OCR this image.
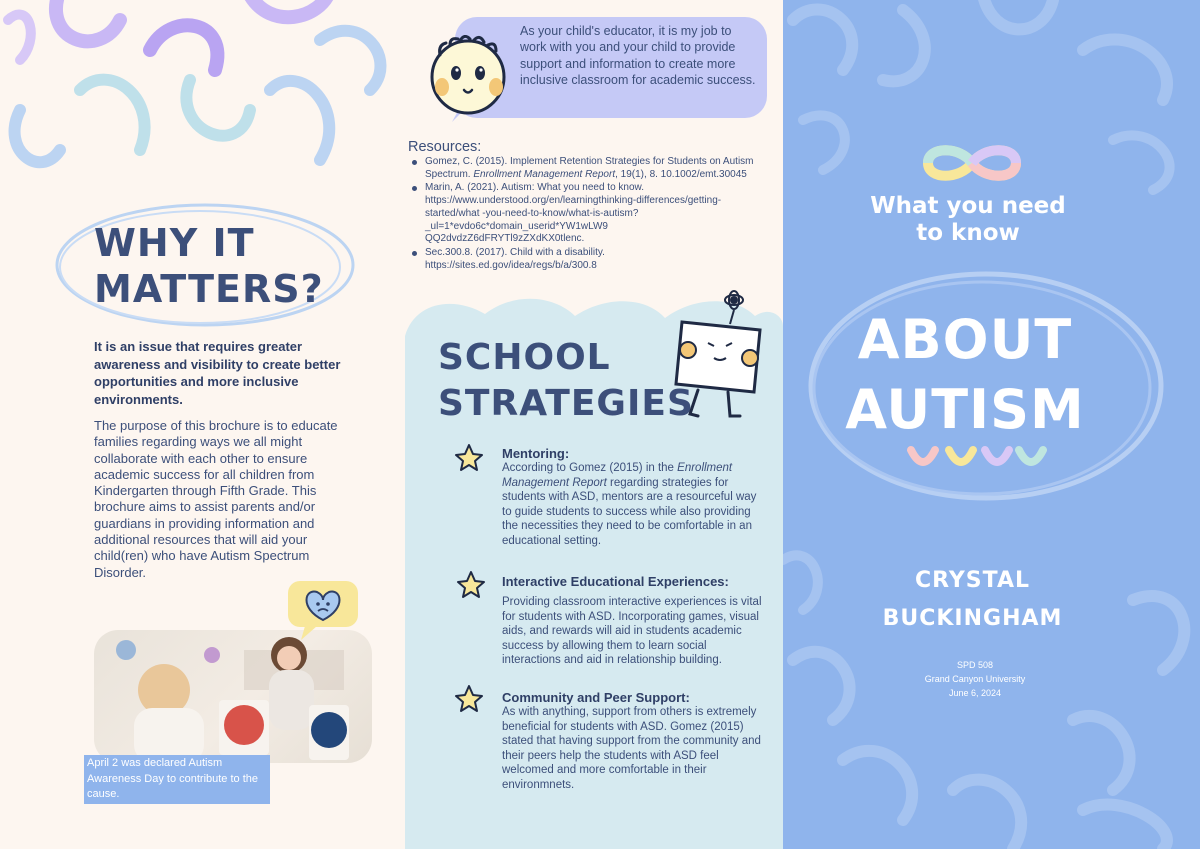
WHY IT
MATTERS?

It is an issue that requires greater awareness and visibility to create better opportunities and more inclusive environments.

The purpose of this brochure is to educate families regarding ways we all might collaborate with each other to ensure academic success for all children from Kindergarten through Fifth Grade. This brochure aims to assist parents and/or guardians in providing information and additional resources that will aid your child(ren) who have Autism Spectrum Disorder.

April 2 was declared Autism Awareness Day to contribute to the cause.

As your child's educator, it is my job to work with you and your child to provide support and information to create more inclusive classroom for academic success.

Resources:
Gomez, C. (2015). Implement Retention Strategies for Students on Autism Spectrum. Enrollment Management Report, 19(1), 8. 10.1002/emt.30045
Marin, A. (2021). Autism: What you need to know. https://www.understood.org/en/learningthinking-differences/getting-started/what -you-need-to-know/what-is-autism?_ul=1*evdo6c*domain_userid*YW1wLW9 QQ2dvdzZ6dFRYTl9zZXdKX0tlenc.
Sec.300.8. (2017). Child with a disability. https://sites.ed.gov/idea/regs/b/a/300.8
SCHOOL
STRATEGIES
Mentoring:

According to Gomez (2015) in the Enrollment Management Report regarding strategies for students with ASD, mentors are a resourceful way to guide students to success while also providing the necessities they need to be comfortable in an educational setting.

Interactive Educational Experiences:

Providing classroom interactive experiences is vital for students with ASD. Incorporating games, visual aids, and rewards will aid in students academic success by allowing them to learn social interactions and aid in relationship building.

Community and Peer Support:

As with anything, support from others is extremely beneficial for students with ASD. Gomez (2015) stated that having support from the community and their peers help the students with ASD feel welcomed and more comfortable in their environmnets.

What you need
to know
ABOUT
AUTISM
CRYSTAL
BUCKINGHAM
SPD 508
Grand Canyon University
June 6, 2024
